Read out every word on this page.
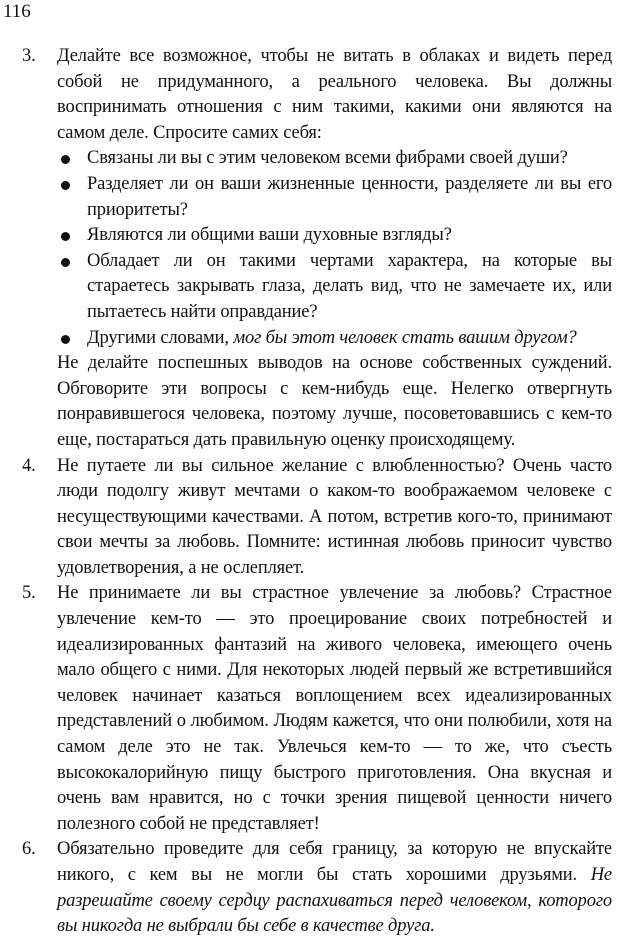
116
3. Делайте все возможное, чтобы не витать в облаках и видеть перед собой не придуманного, а реального человека. Вы должны воспринимать отношения с ним такими, какими они являются на самом деле. Спросите самих себя:

Связаны ли вы с этим человеком всеми фибрами своей души?
Разделяет ли он ваши жизненные ценности, разделяете ли вы его приоритеты?
Являются ли общими ваши духовные взгляды?
Обладает ли он такими чертами характера, на которые вы стараетесь закрывать глаза, делать вид, что не замечаете их, или пытаетесь найти оправдание?
Другими словами, мог бы этот человек стать вашим другом?

Не делайте поспешных выводов на основе собственных суждений. Обговорите эти вопросы с кем-нибудь еще. Нелегко отвергнуть понравившегося человека, поэтому лучше, посоветовавшись с кем-то еще, постараться дать правильную оценку происходящему.

4. Не путаете ли вы сильное желание с влюбленностью? Очень часто люди подолгу живут мечтами о каком-то воображаемом человеке с несуществующими качествами. А потом, встретив кого-то, принимают свои мечты за любовь. Помните: истинная любовь приносит чувство удовлетворения, а не ослепляет.

5. Не принимаете ли вы страстное увлечение за любовь? Страстное увлечение кем-то — это проецирование своих потребностей и идеализированных фантазий на живого человека, имеющего очень мало общего с ними. Для некоторых людей первый же встретившийся человек начинает казаться воплощением всех идеализированных представлений о любимом. Людям кажется, что они полюбили, хотя на самом деле это не так. Увлечься кем-то — то же, что съесть высококалорийную пищу быстрого приготовления. Она вкусная и очень вам нравится, но с точки зрения пищевой ценности ничего полезного собой не представляет!

6. Обязательно проведите для себя границу, за которую не впускайте никого, с кем вы не могли бы стать хорошими друзьями. Не разрешайте своему сердцу распахиваться перед человеком, которого вы никогда не выбрали бы себе в качестве друга.
